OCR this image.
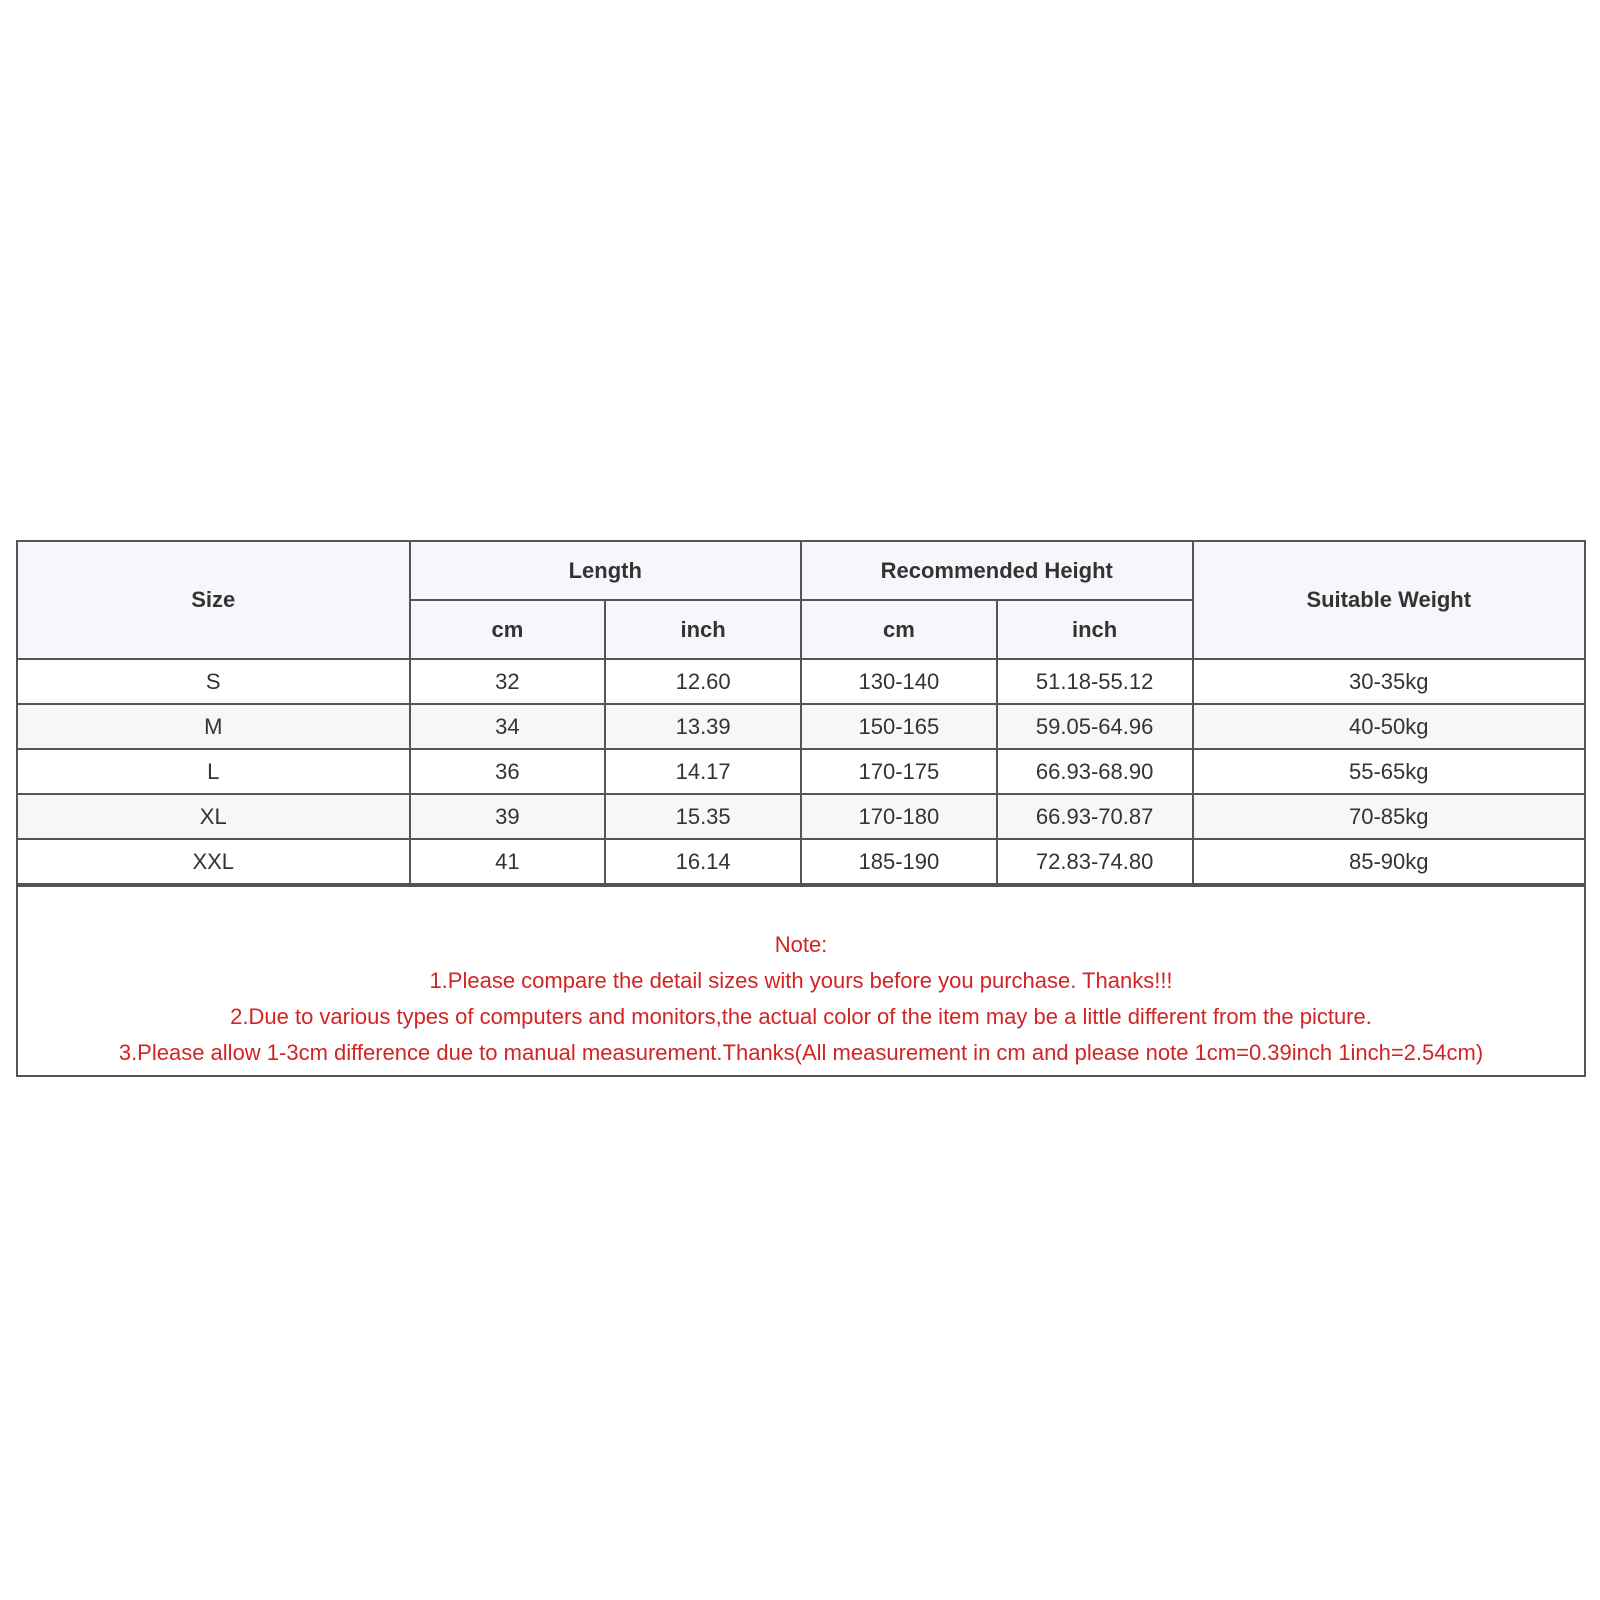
Size	Length		Recommended Height		Suitable Weight
	cm	inch	cm	inch	
S	32	12.60	130-140	51.18-55.12	30-35kg
M	34	13.39	150-165	59.05-64.96	40-50kg
L	36	14.17	170-175	66.93-68.90	55-65kg
XL	39	15.35	170-180	66.93-70.87	70-85kg
XXL	41	16.14	185-190	72.83-74.80	85-90kg
Note:
1.Please compare the detail sizes with yours before you purchase. Thanks!!!
2.Due to various types of computers and monitors,the actual color of the item may be a little different from the picture.
3.Please allow 1-3cm difference due to manual measurement.Thanks(All measurement in cm and please note 1cm=0.39inch 1inch=2.54cm)
